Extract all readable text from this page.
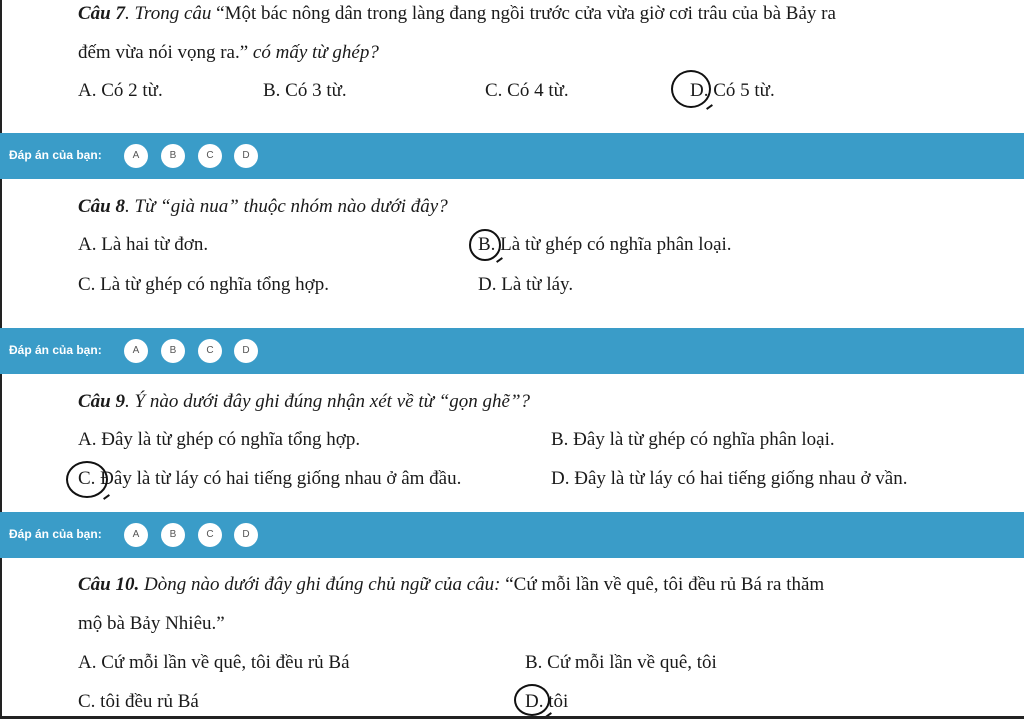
Câu 7. Trong câu “Một bác nông dân trong làng đang ngồi trước cửa vừa giờ cơi trâu của bà Bảy ra
đếm vừa nói vọng ra.” có mấy từ ghép?
A. Có 2 từ.	B. Có 3 từ.	C. Có 4 từ.	D. Có 5 từ.
Đáp án của bạn:	A	B	C	D
Câu 8. Từ “già nua” thuộc nhóm nào dưới đây?
A. Là hai từ đơn.	B. Là từ ghép có nghĩa phân loại.
C. Là từ ghép có nghĩa tổng hợp.	D. Là từ láy.
Đáp án của bạn:	A	B	C	D
Câu 9. Ý nào dưới đây ghi đúng nhận xét về từ “gọn ghẽ”?
A. Đây là từ ghép có nghĩa tổng hợp.	B. Đây là từ ghép có nghĩa phân loại.
C. Đây là từ láy có hai tiếng giống nhau ở âm đầu.	D. Đây là từ láy có hai tiếng giống nhau ở vần.
Đáp án của bạn:	A	B	C	D
Câu 10. Dòng nào dưới đây ghi đúng chủ ngữ của câu: “Cứ mỗi lần về quê, tôi đều rủ Bá ra thăm
mộ bà Bảy Nhiêu.”
A. Cứ mỗi lần về quê, tôi đều rủ Bá	B. Cứ mỗi lần về quê, tôi
C. tôi đều rủ Bá	D. tôi
